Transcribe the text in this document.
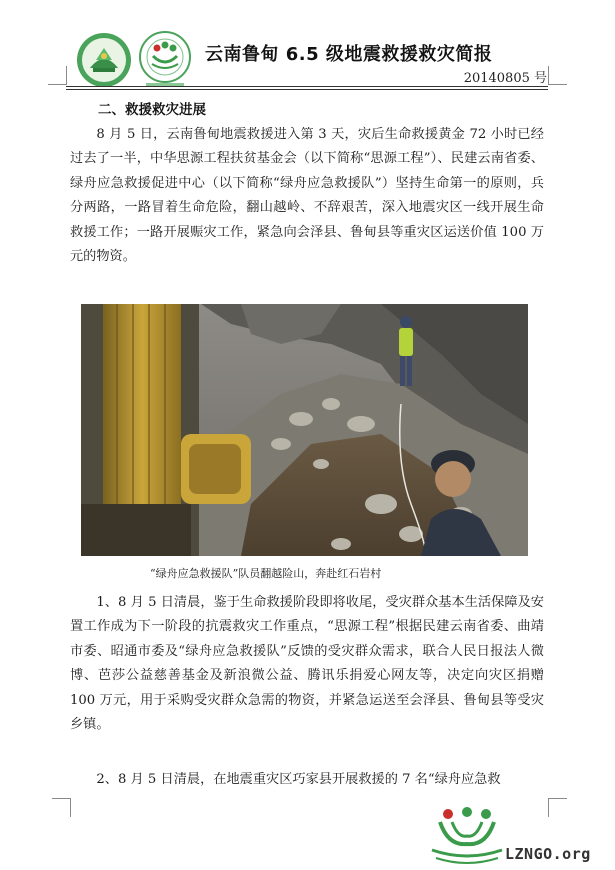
云南鲁甸 6.5 级地震救援救灾简报
20140805 号
二、救援救灾进展

8 月 5 日，云南鲁甸地震救援进入第 3 天，灾后生命救援黄金 72 小时已经过去了一半，中华思源工程扶贫基金会（以下简称“思源工程”）、民建云南省委、绿舟应急救援促进中心（以下简称“绿舟应急救援队”）坚持生命第一的原则，兵分两路，一路冒着生命危险，翻山越岭、不辞艰苦，深入地震灾区一线开展生命救援工作；一路开展赈灾工作，紧急向会泽县、鲁甸县等重灾区运送价值 100 万元的物资。

“绿舟应急救援队”队员翻越险山，奔赴红石岩村

1、8 月 5 日清晨，鉴于生命救援阶段即将收尾，受灾群众基本生活保障及安置工作成为下一阶段的抗震救灾工作重点，“思源工程”根据民建云南省委、曲靖市委、昭通市委及“绿舟应急救援队”反馈的受灾群众需求，联合人民日报法人微博、芭莎公益慈善基金及新浪微公益、腾讯乐捐爱心网友等，决定向灾区捐赠 100 万元，用于采购受灾群众急需的物资，并紧急运送至会泽县、鲁甸县等受灾乡镇。

2、8 月 5 日清晨，在地震重灾区巧家县开展救援的 7 名“绿舟应急救

LZNGO.org
